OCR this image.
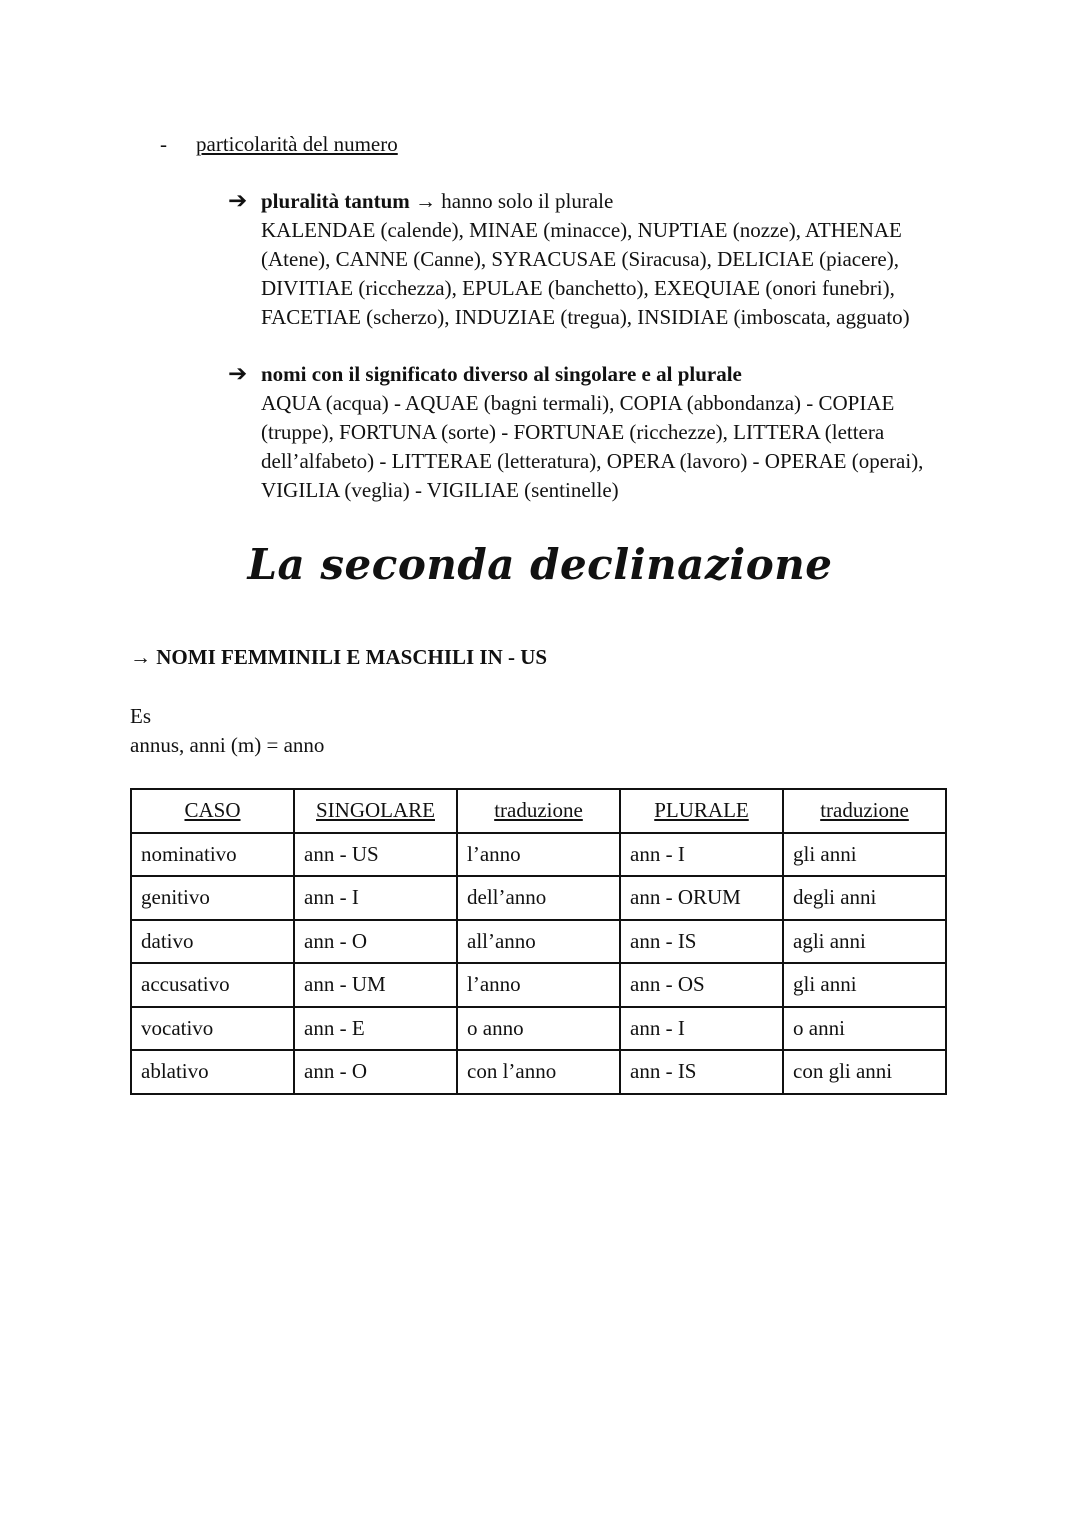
- particolarità del numero
➔ pluralità tantum → hanno solo il plurale
KALENDAE (calende), MINAE (minacce), NUPTIAE (nozze), ATHENAE
(Atene), CANNE (Canne), SYRACUSAE (Siracusa), DELICIAE (piacere),
DIVITIAE (ricchezza), EPULAE (banchetto), EXEQUIAE (onori funebri),
FACETIAE (scherzo), INDUZIAE (tregua), INSIDIAE (imboscata, agguato)
➔ nomi con il significato diverso al singolare e al plurale
AQUA (acqua) - AQUAE (bagni termali), COPIA (abbondanza) - COPIAE
(truppe), FORTUNA (sorte) - FORTUNAE (ricchezze), LITTERA (lettera
dell’alfabeto) - LITTERAE (letteratura), OPERA (lavoro) - OPERAE (operai),
VIGILIA (veglia) - VIGILIAE (sentinelle)
La seconda declinazione
→ NOMI FEMMINILI E MASCHILI IN - US
Es
annus, anni (m) = anno
CASO	SINGOLARE	traduzione	PLURALE	traduzione
nominativo	ann - US	l’anno	ann - I	gli anni
genitivo	ann - I	dell’anno	ann - ORUM	degli anni
dativo	ann - O	all’anno	ann - IS	agli anni
accusativo	ann - UM	l’anno	ann - OS	gli anni
vocativo	ann - E	o anno	ann - I	o anni
ablativo	ann - O	con l’anno	ann - IS	con gli anni
